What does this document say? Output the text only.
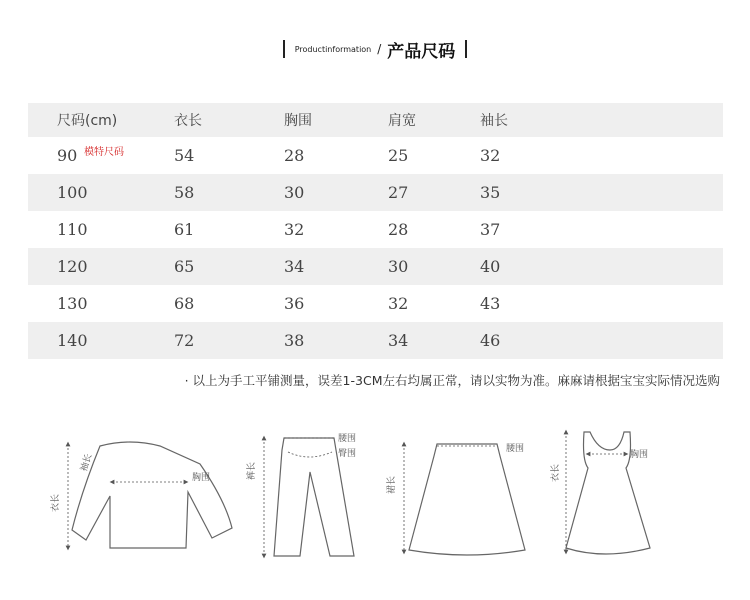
Productinformation / 产品尺码
尺码(cm)	衣长	胸围	肩宽	袖长
90 模特尺码	54	28	25	32
100	58	30	27	35
110	61	32	28	37
120	65	34	30	40
130	68	36	32	43
140	72	38	34	46
· 以上为手工平铺测量，误差1-3CM左右均属正常，请以实物为准。麻麻请根据宝宝实际情况选购
衣长
袖长
胸围
腰围
臀围
裤长
腰围
裙长
胸围
衣长
